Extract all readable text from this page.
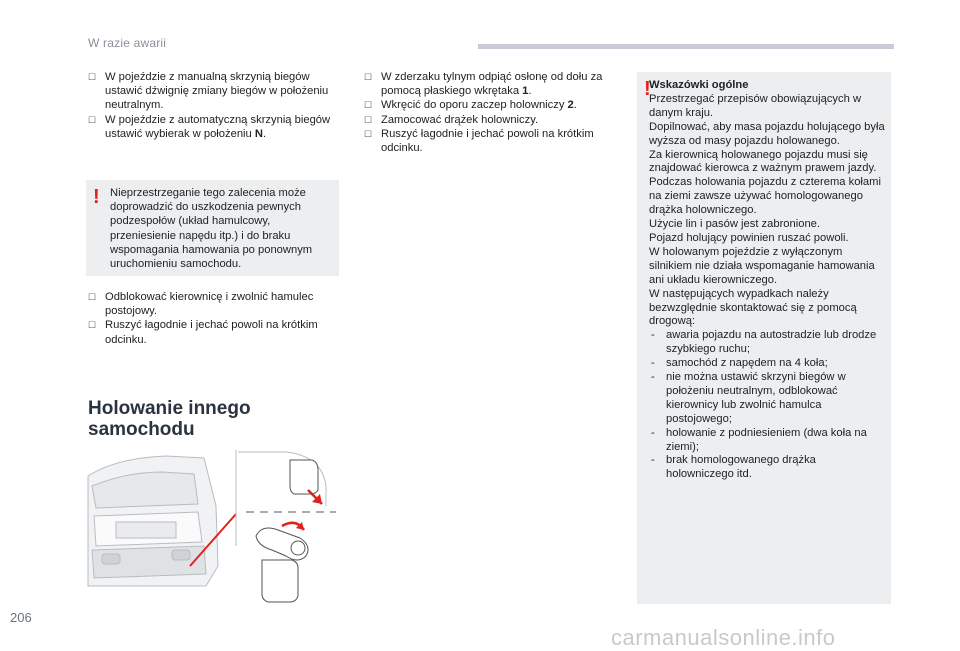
W razie awarii
☐ W pojeździe z manualną skrzynią biegów ustawić dźwignię zmiany biegów w położeniu neutralnym.
☐ W pojeździe z automatyczną skrzynią biegów ustawić wybierak w położeniu N.
! Nieprzestrzeganie tego zalecenia może doprowadzić do uszkodzenia pewnych podzespołów (układ hamulcowy, przeniesienie napędu itp.) i do braku wspomagania hamowania po ponownym uruchomieniu samochodu.
☐ Odblokować kierownicę i zwolnić hamulec postojowy.
☐ Ruszyć łagodnie i jechać powoli na krótkim odcinku.
Holowanie innego
samochodu
☐ W zderzaku tylnym odpiąć osłonę od dołu za pomocą płaskiego wkrętaka 1.
☐ Wkręcić do oporu zaczep holowniczy 2.
☐ Zamocować drążek holowniczy.
☐ Ruszyć łagodnie i jechać powoli na krótkim odcinku.
!
Wskazówki ogólne
Przestrzegać przepisów obowiązujących w danym kraju.
Dopilnować, aby masa pojazdu holującego była wyższa od masy pojazdu holowanego.
Za kierownicą holowanego pojazdu musi się znajdować kierowca z ważnym prawem jazdy.
Podczas holowania pojazdu z czterema kołami na ziemi zawsze używać homologowanego drążka holowniczego.
Użycie lin i pasów jest zabronione.
Pojazd holujący powinien ruszać powoli.
W holowanym pojeździe z wyłączonym silnikiem nie działa wspomaganie hamowania ani układu kierowniczego.
W następujących wypadkach należy bezwzględnie skontaktować się z pomocą drogową:
- awaria pojazdu na autostradzie lub drodze szybkiego ruchu;
- samochód z napędem na 4 koła;
- nie można ustawić skrzyni biegów w położeniu neutralnym, odblokować kierownicy lub zwolnić hamulca postojowego;
- holowanie z podniesieniem (dwa koła na ziemi);
- brak homologowanego drążka holowniczego itd.
206
carmanualsonline.info
